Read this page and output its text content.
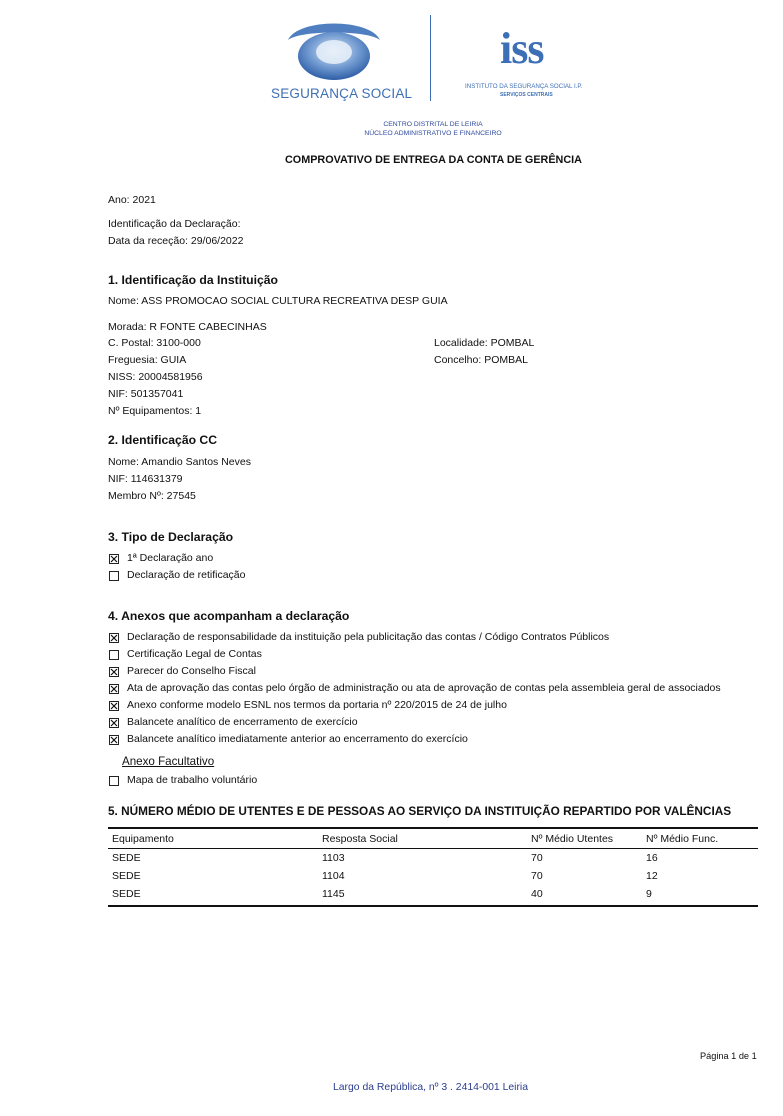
SEGURANÇA SOCIAL
iss
INSTITUTO DA SEGURANÇA SOCIAL I.P.
SERVIÇOS CENTRAIS
CENTRO DISTRITAL DE LEIRIA
NÚCLEO ADMINISTRATIVO E FINANCEIRO
COMPROVATIVO DE ENTREGA DA CONTA DE GERÊNCIA
Ano: 2021
Identificação da Declaração:
Data da receção: 29/06/2022
1. Identificação da Instituição
Nome: ASS PROMOCAO SOCIAL CULTURA RECREATIVA DESP GUIA
Morada: R FONTE CABECINHAS
C. Postal: 3100-000	Localidade: POMBAL
Freguesia: GUIA	Concelho: POMBAL
NISS: 20004581956
NIF: 501357041
Nº Equipamentos: 1
2. Identificação CC
Nome: Amandio Santos Neves
NIF: 114631379
Membro Nº: 27545
3. Tipo de Declaração
1ª Declaração ano
Declaração de retificação
4. Anexos que acompanham a declaração
Declaração de responsabilidade da instituição pela publicitação das contas / Código Contratos Públicos
Certificação Legal de Contas
Parecer do Conselho Fiscal
Ata de aprovação das contas pelo órgão de administração ou ata de aprovação de contas pela assembleia geral de associados
Anexo conforme modelo ESNL nos termos da portaria nº 220/2015 de 24 de julho
Balancete analítico de encerramento de exercício
Balancete analítico imediatamente anterior ao encerramento do exercício
Anexo Facultativo
Mapa de trabalho voluntário
5. NÚMERO MÉDIO DE UTENTES E DE PESSOAS AO SERVIÇO DA INSTITUIÇÃO REPARTIDO POR VALÊNCIAS
Equipamento	Resposta Social	Nº Médio Utentes	Nº Médio Func.
SEDE	1103	70	16
SEDE	1104	70	12
SEDE	1145	40	9
Página 1 de 1
Largo da República, nº 3 . 2414-001 Leiria
